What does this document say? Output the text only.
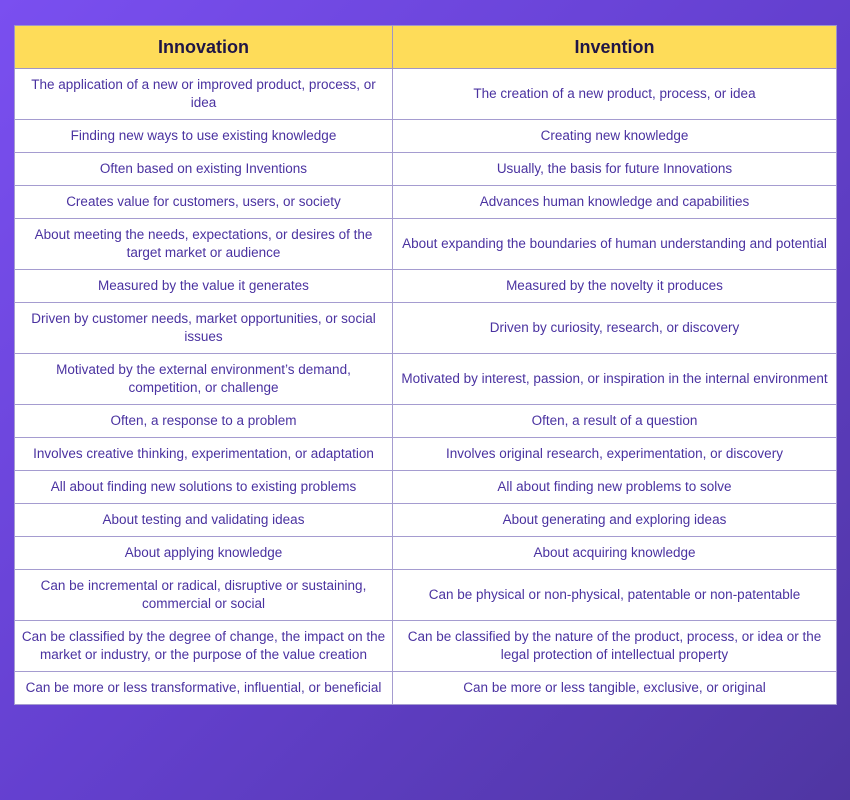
Innovation	Invention
The application of a new or improved product, process, or idea	The creation of a new product, process, or idea
Finding new ways to use existing knowledge	Creating new knowledge
Often based on existing Inventions	Usually, the basis for future Innovations
Creates value for customers, users, or society	Advances human knowledge and capabilities
About meeting the needs, expectations, or desires of the target market or audience	About expanding the boundaries of human understanding and potential
Measured by the value it generates	Measured by the novelty it produces
Driven by customer needs, market opportunities, or social issues	Driven by curiosity, research, or discovery
Motivated by the external environment’s demand, competition, or challenge	Motivated by interest, passion, or inspiration in the internal environment
Often, a response to a problem	Often, a result of a question
Involves creative thinking, experimentation, or adaptation	Involves original research, experimentation, or discovery
All about finding new solutions to existing problems	All about finding new problems to solve
About testing and validating ideas	About generating and exploring ideas
About applying knowledge	About acquiring knowledge
Can be incremental or radical, disruptive or sustaining, commercial or social	Can be physical or non-physical, patentable or non-patentable
Can be classified by the degree of change, the impact on the market or industry, or the purpose of the value creation	Can be classified by the nature of the product, process, or idea or the legal protection of intellectual property
Can be more or less transformative, influential, or beneficial	Can be more or less tangible, exclusive, or original
